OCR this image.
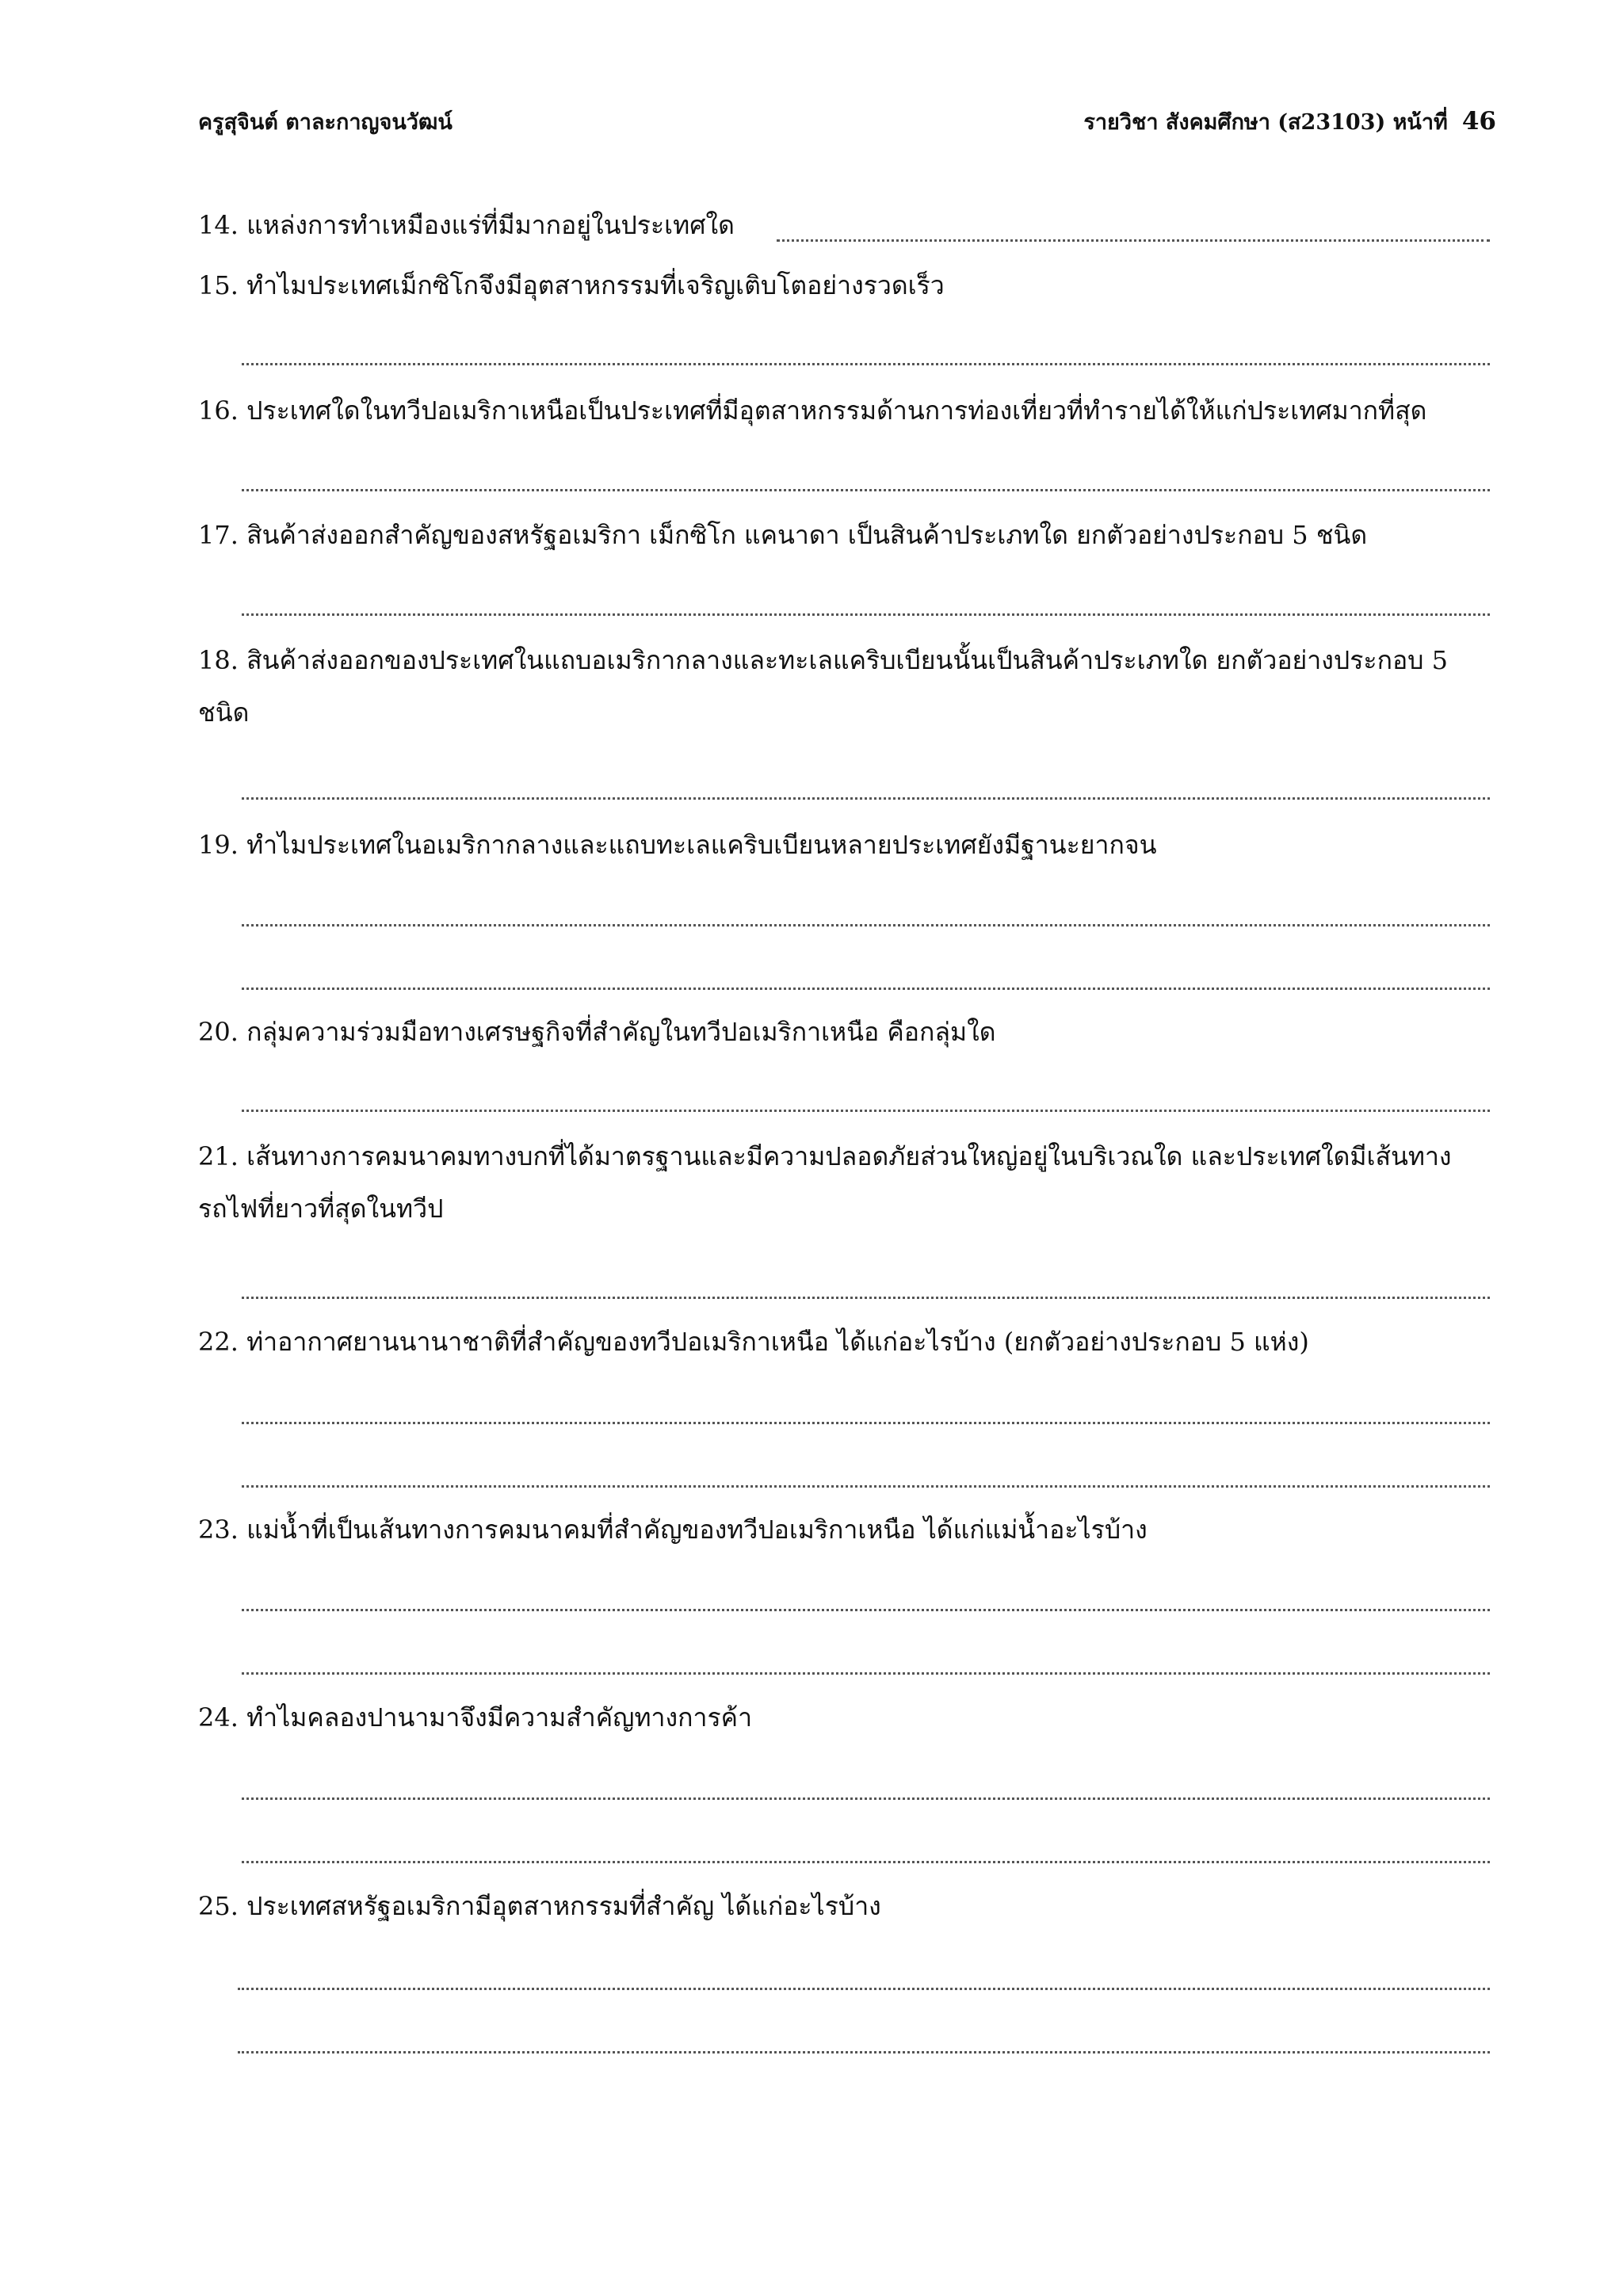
ครูสุจินต์ ตาละกาญจนวัฒน์	รายวิชา สังคมศึกษา (ส23103) หน้าที่ 46
14. แหล่งการทำเหมืองแร่ที่มีมากอยู่ในประเทศใด
15. ทำไมประเทศเม็กซิโกจึงมีอุตสาหกรรมที่เจริญเติบโตอย่างรวดเร็ว
16. ประเทศใดในทวีปอเมริกาเหนือเป็นประเทศที่มีอุตสาหกรรมด้านการท่องเที่ยวที่ทำรายได้ให้แก่ประเทศมากที่สุด
17. สินค้าส่งออกสำคัญของสหรัฐอเมริกา เม็กซิโก แคนาดา เป็นสินค้าประเภทใด ยกตัวอย่างประกอบ 5 ชนิด
18. สินค้าส่งออกของประเทศในแถบอเมริกากลางและทะเลแคริบเบียนนั้นเป็นสินค้าประเภทใด ยกตัวอย่างประกอบ 5 ชนิด
19. ทำไมประเทศในอเมริกากลางและแถบทะเลแคริบเบียนหลายประเทศยังมีฐานะยากจน
20. กลุ่มความร่วมมือทางเศรษฐกิจที่สำคัญในทวีปอเมริกาเหนือ คือกลุ่มใด
21. เส้นทางการคมนาคมทางบกที่ได้มาตรฐานและมีความปลอดภัยส่วนใหญ่อยู่ในบริเวณใด และประเทศใดมีเส้นทางรถไฟที่ยาวที่สุดในทวีป
22. ท่าอากาศยานนานาชาติที่สำคัญของทวีปอเมริกาเหนือ ได้แก่อะไรบ้าง (ยกตัวอย่างประกอบ 5 แห่ง)
23. แม่น้ำที่เป็นเส้นทางการคมนาคมที่สำคัญของทวีปอเมริกาเหนือ ได้แก่แม่น้ำอะไรบ้าง
24. ทำไมคลองปานามาจึงมีความสำคัญทางการค้า
25. ประเทศสหรัฐอเมริกามีอุตสาหกรรมที่สำคัญ ได้แก่อะไรบ้าง
